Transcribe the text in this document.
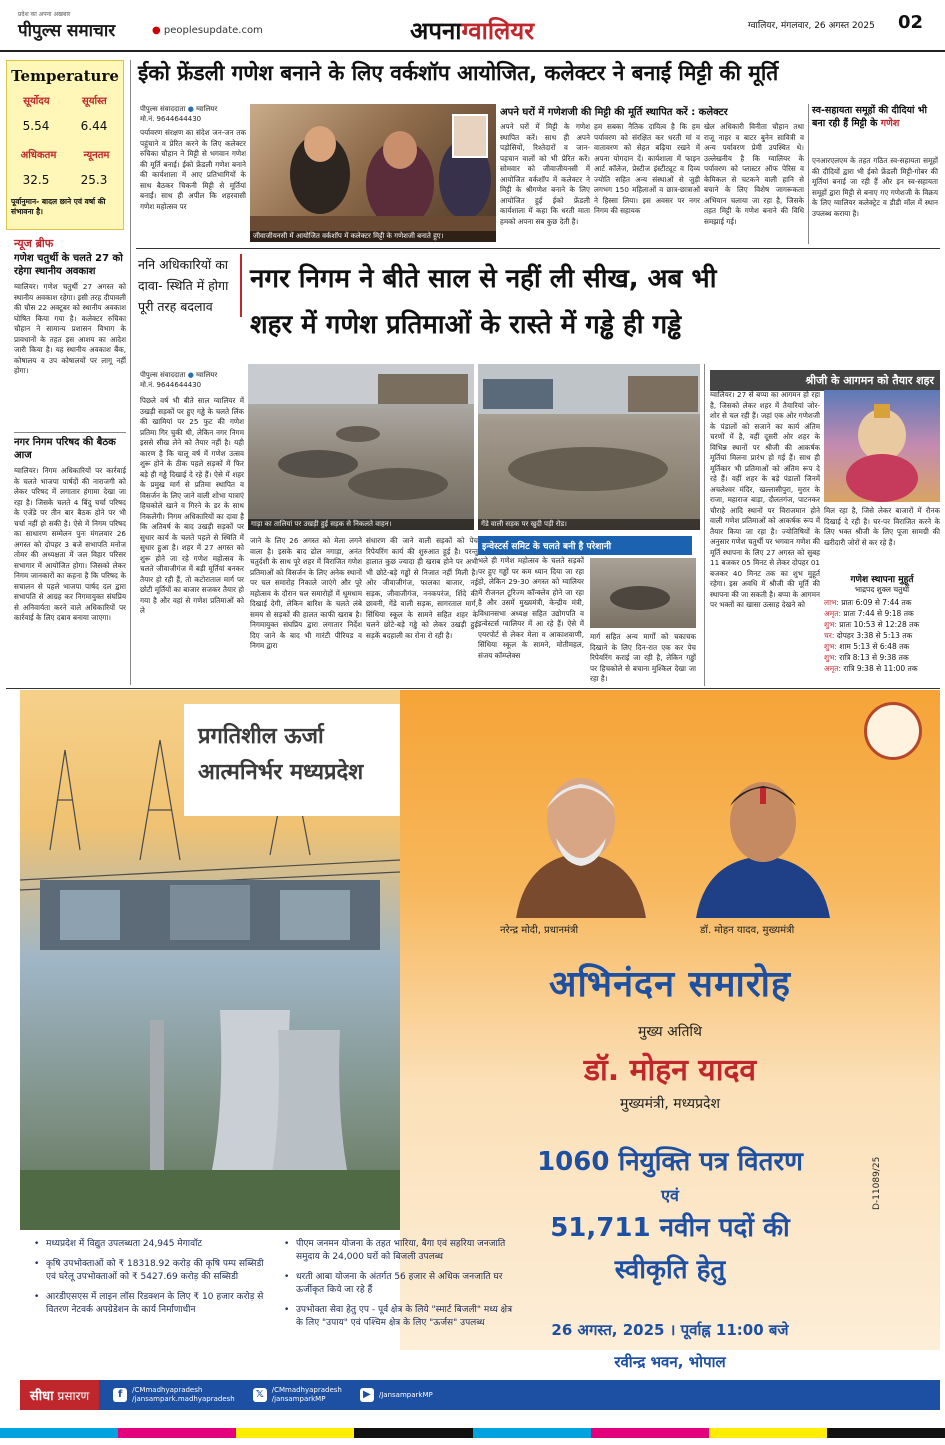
प्रदेश का अपना अखबार
पीपुल्स समाचार	● peoplesupdate.com	अपनाग्वालियर	ग्वालियर, मंगलवार, 26 अगस्त 2025 02
Temperature
सूर्योदय	सूर्यास्त
5.54	6.44
अधिकतम	न्यूनतम
32.5	25.3
पूर्वानुमान- बादल छाने एवं वर्षा की संभावना है।
न्यूज ब्रीफ
गणेश चतुर्थी के चलते 27 को रहेगा स्थानीय अवकाश
ग्वालियर। गणेश चतुर्थी 27 अगस्त को स्थानीय अवकाश रहेगा। इसी तरह दीपावली की चौस 22 अक्टूबर को स्थानीय अवकाश घोषित किया गया है। कलेक्टर रुचिका चौहान ने सामान्य प्रशासन विभाग के प्रावधानों के तहत इस आशय का आदेश जारी किया है। यह स्थानीय अवकाश बैंक, कोषालय व उप कोषालयों पर लागू नहीं होगा।
नगर निगम परिषद की बैठक आज
ग्वालियर। निगम अधिकारियों पर कार्रवाई के चलते भाजपा पार्षदों की नाराजगी को लेकर परिषद में लगातार हंगामा देखा जा रहा है। जिसके चलते 4 बिंदु चर्चा परिषद के एजेंडे पर तीन बार बैठक होने पर भी चर्चा नहीं हो सकी है। ऐसे में निगम परिषद का साधारण सम्मेलन पुनः मंगलवार 26 अगस्त को दोपहर 3 बजे सभापति मनोज तोमर की अध्यक्षता में जल विहार परिसर सभागार में आयोजित होगा। जिसको लेकर निगम जानकारों का कहना है कि परिषद के सचालन से पहले भाजपा पार्षद दल द्वारा सभापति से आग्रह कर निगमायुक्त संघप्रिय से अनिवार्यता करने वाले अधिकारियों पर कार्रवाई के लिए दबाव बनाया जाएगा।
ईको फ्रेंडली गणेश बनाने के लिए वर्कशॉप आयोजित, कलेक्टर ने बनाई मिट्टी की मूर्ति
पीपुल्स संवाददाता ● ग्वालियर
मो.नं. 9644644430
पर्यावरण संरक्षण का संदेश जन-जन तक पहुंचाने व प्रेरित करने के लिए कलेक्टर रुचिका चौहान ने मिट्टी से भगवान गणेश की मूर्ति बनाई। ईको फ्रेंडली गणेश बनाने की कार्यशाला में आए प्रतिभागियों के साथ बैठकर चिकनी मिट्टी से मूर्तियां बनाईं। साथ ही अपील कि शहरवासी गणेश महोत्सव पर
जीवाजीयनसी में आयोजित वर्कशॉप में कलेक्टर मिट्टी के गणेशजी बनाते हुए।
अपने घरों में गणेशजी की मिट्टी की मूर्ति स्थापित करें : कलेक्टर
अपने घरों में मिट्टी के गणेश स्थापित करें। साथ ही अपने पड़ोसियों, रिश्तेदारों व जान-पहचान वालों को भी प्रेरित करें। सोमवार को जीवाजीयनसी में आयोजित वर्कशॉप में कलेक्टर ने मिट्टी के श्रीगणेश बनाने के लिए आयोजित हुई ईको फ्रेंडली कार्यशाला में कहा कि धरती माता हमको अपना सब कुछ देती है।
हम सबका नैतिक दायित्व है कि हम पर्यावरण को संरक्षित कर धरती मां व वातावरण को सेहत बढ़िया रखने में अपना योगदान दें। कार्यशाला में फाइन आर्ट कॉलेज, प्रेस्टीज इंस्टीट्यूट व दिव्य ज्योति सहित अन्य संस्थाओं से जुड़ी लगभग 150 महिलाओं व छात्र-छात्राओं ने हिस्सा लिया। इस अवसर पर नगर निगम की सहायक
खेल अधिकारी विनीता चौहान तथा राजू नाहर व बाटर बुनेन सावित्री व अन्य पर्यावरण प्रेमी उपस्थित थे। उल्लेखनीय है कि ग्वालियर के पर्यावरण को प्लास्टर ऑफ पेरिस व केमिकल से चटकने वाली हानि से बचाने के लिए विशेष जागरूकता अभियान चलाया जा रहा है, जिसके तहत मिट्टी के गणेश बनाने की विधि समझाई गई।
स्व-सहायता समूहों की दीदियां भी बना रही हैं मिट्टी के गणेश
एनआरएलएम के तहत गठित स्व-सहायता समूहों की दीदियों द्वारा भी ईको फ्रेंडली मिट्टी-गोबर की मूर्तियां बनाई जा रही हैं और इन स्व-सहायता समूहों द्वारा मिट्टी से बनाए गए गणेशजी के विक्रय के लिए ग्वालियर कलेक्ट्रेट व डीडी मॉल में स्थान उपलब्ध कराया है।
ननि अधिकारियों का दावा- स्थिति में होगा पूरी तरह बदलाव
पीपुल्स संवाददाता ● ग्वालियर
मो.नं. 9644644430
नगर निगम ने बीते साल से नहीं ली सीख, अब भी
शहर में गणेश प्रतिमाओं के रास्ते में गड्ढे ही गड्ढे
पिछले वर्ष भी बीते साल ग्वालियर में उखड़ी सड़कों पर हुए गड्ढे के चलते लिंक की खामियां पर 25 फुट की गणेश प्रतिमा गिर चुकी थी, लेकिन नगर निगम इससे सीख लेने को तैयार नहीं है। यही कारण है कि चालू वर्ष में गणेश उत्सव शुरू होने के ठीक पहले सड़कों में फिर बड़े ही गड्ढे दिखाई दे रहे हैं। ऐसे में शहर के प्रमुख मार्ग से प्रतिमा स्थापित व विसर्जन के लिए जाने वाली शोभा यात्राएं हिचकोले खाने व गिरने के डर के साथ निकलेंगी। निगम अधिकारियों का दावा है कि अतिवर्ष के बाद उखड़ी सड़कों पर सुधार कार्य के चलते पहले से स्थिति में सुधार हुआ है। शहर में 27 अगस्त को शुरू होने जा रहे गणेश महोत्सव के चलते जीवाजीगंज में बड़ी मूर्तियां बनकर तैयार हो रही हैं, तो कटोराताल मार्ग पर छोटी मूर्तियों का बाजार सजकर तैयार हो गया है और वहां से गणेश प्रतिमाओं को ले
गाड़ा का तालियां पर उखड़ी हुई सड़क से निकलते वाहन।	गेंडे वाली सड़क पर खुदी पड़ी रोड।
जाने के लिए 26 अगस्त को मेला लगने वाला है। इसके बाद ढोल नगाड़ा, अनंत चतुर्दशी के साथ पूरे शहर में विराजित गणेश प्रतिमाओं को विसर्जन के लिए अनेक स्थानों पर चल समारोह निकाले जाएंगे और पूरे महोत्सव के दौरान चल समारोहों में धूमधाम दिखाई देगी, लेकिन बारिश के चलते लंबे समय से सड़कों की हालत काफी खराब है। निगमायुक्त संघप्रिय द्वारा लगातार निर्देश दिए जाने के बाद भी गारंटी पीरियड व निगम द्वारा
संधारण की जाने वाली सड़कों को पेच रिपेयरिंग कार्य की शुरुआत हुई है। परन्तु हालात कुछ ज्यादा ही खराब होने पर अभी भी छोटे-बड़े गड्ढों से निजात नहीं मिली है। ओर जीवाजीगंज, फालका बाजार, नई सड़क, जीवाजीगंज, ननकपरंज, शिंदे की छावनी, गेंडे वाली सड़क, सागरताल मार्ग, सिंधिया स्कूल के सामने सहित शहर के चलने छोटे-बड़े गड्ढे को लेकर उखड़ी हुई सड़कें बदहाली का रोना रो रही है।
इन्वेस्टर्स समिट के चलते बनी है परेशानी
भले ही गणेश महोत्सव के चलते सड़कों पर हुए गड्ढों पर कम ध्यान दिया जा रहा हो, लेकिन 29-30 अगस्त को ग्वालियर में रीजनल टूरिज्म कॉन्क्लेव होने जा रहा है और उसमें मुख्यमंत्री, केन्द्रीय मंत्री, विधानसभा अध्यक्ष सहित उद्योगपति व इन्वेस्टर्स ग्वालियर में आ रहे हैं। ऐसे में एयरपोर्ट से लेकर मेला व आकाशवाणी, सिंधिया स्कूल के सामने, मोतीमहल, संजय कॉम्प्लेक्स
मार्ग सहित अन्य मार्गों को चकाचक दिखाने के लिए दिन-रात एक कर पेच रिपेयरिंग कराई जा रही है, लेकिन गड्ढों पर हिचकोले से बचाना मुश्किल देखा जा रहा है।
श्रीजी के आगमन को तैयार शहर
ग्वालियर। 27 से बप्पा का आगमन हो रहा है, जिसको लेकर शहर में तैयारियां जोर-शोर से चल रही हैं। जहां एक ओर गणेशजी के पंडालों को सजाने का कार्य अंतिम चरणों में है, वहीं दूसरी ओर शहर के विभिन्न स्थानों पर श्रीजी की आकर्षक मूर्तियां मिलना प्रारंभ हो गई हैं। साथ ही मूर्तिकार भी प्रतिमाओं को अंतिम रूप दे रहे हैं। वहीं शहर के बड़े पंडालों जिनमें अचलेश्वर मंदिर, खल्लासीपुरा, मुरार के राजा, महाराज बाड़ा, दौलतगंज, पाटनकर चौराहे आदि स्थानों पर विराजमान होने वाली गणेश प्रतिमाओं को आकर्षक रूप में तैयार किया जा रहा है। ज्योतिषियों के अनुसार गणेश चतुर्थी पर भगवान गणेश की मूर्ति स्थापना के लिए 27 अगस्त को सुबह 11 बजकर 05 मिनट से लेकर दोपहर 01 बजकर 40 मिनट तक का शुभ मुहूर्त रहेगा। इस अवधि में श्रीजी की मूर्ति की स्थापना की जा सकती है। बप्पा के आगमन पर भक्तों का खासा उत्साह देखने को
मिल रहा है, जिसे लेकर बाजारों में रौनक दिखाई दे रही है। घर-पर विराजित करने के लिए भक्त श्रीजी के लिए पूजा सामग्री की खरीदारी जोरों से कर रहे हैं।
गणेश स्थापना मुहूर्त
भाद्रपद शुक्ल चतुर्थी
लाभ: प्रातः 6:09 से 7:44 तक
अमृत: प्रातः 7:44 से 9:18 तक
शुभ: प्रातः 10:53 से 12:28 तक
चर: दोपहर 3:38 से 5:13 तक
शुभ: शाम 5:13 से 6:48 तक
शुभ: रात्रि 8:13 से 9:38 तक
अमृत: रात्रि 9:38 से 11:00 तक
प्रगतिशील ऊर्जा
आत्मनिर्भर मध्यप्रदेश
नरेन्द्र मोदी, प्रधानमंत्री	डॉ. मोहन यादव, मुख्यमंत्री
अभिनंदन समारोह
मुख्य अतिथि
डॉ. मोहन यादव
मुख्यमंत्री, मध्यप्रदेश
1060 नियुक्ति पत्र वितरण
एवं
51,711 नवीन पदों की
स्वीकृति हेतु
26 अगस्त, 2025 । पूर्वाह्न 11:00 बजे
D-11089/25
रवीन्द्र भवन, भोपाल
• मध्यप्रदेश में विद्युत उपलब्धता 24,945 मेगावॉट
• कृषि उपभोक्ताओं को ₹ 18318.92 करोड़ की कृषि पम्प सब्सिडी एवं घरेलू उपभोक्ताओं को ₹ 5427.69 करोड़ की सब्सिडी
• आरडीएसएस में लाइन लॉस रिडक्शन के लिए ₹ 10 हजार करोड़ से वितरण नेटवर्क अपग्रेडेशन के कार्य निर्माणाधीन
• पीएम जनमन योजना के तहत भारिया, बैगा एवं सहरिया जनजाति समुदाय के 24,000 घरों को बिजली उपलब्ध
• धरती आबा योजना के अंतर्गत 56 हजार से अधिक जनजाति घर ऊर्जीकृत किये जा रहे हैं
• उपभोक्ता सेवा हेतु एप - पूर्व क्षेत्र के लिये "स्मार्ट बिजली" मध्य क्षेत्र के लिए "उपाय" एवं पश्चिम क्षेत्र के लिए "ऊर्जस" उपलब्ध
सीधा प्रसारण	f	/CMmadhyapradesh
/jansampark.madhyapradesh 𝕏	/CMmadhyapradesh
/jansamparkMP	▶	/JansamparkMP
